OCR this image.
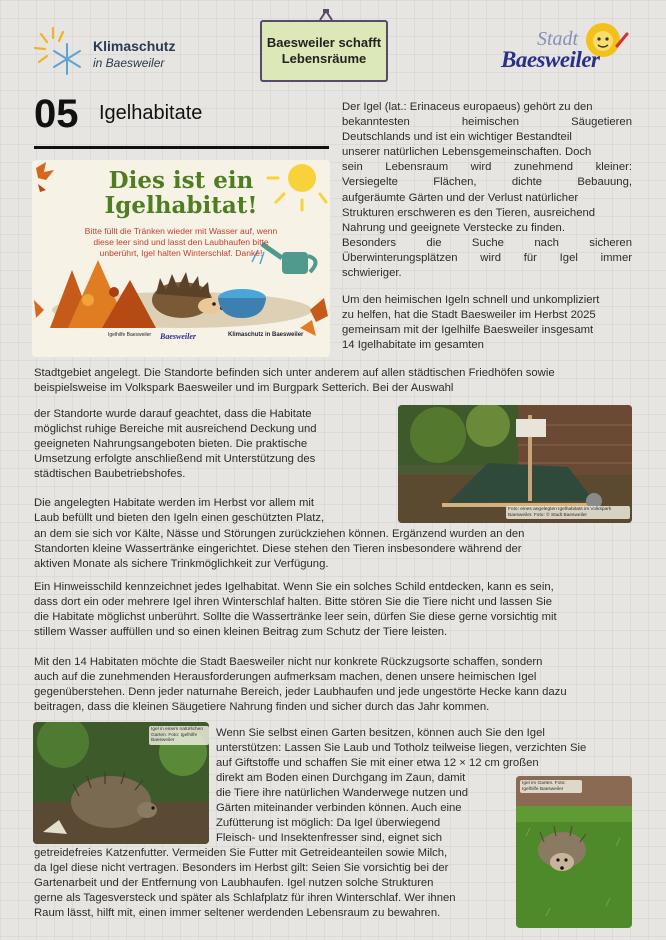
Klimaschutz
in Baesweiler
Baesweiler schafft
Lebensräume
Stadt
Baesweiler
05 Igelhabitate
Dies ist ein
Igelhabitat!
Bitte füllt die Tränken wieder mit Wasser auf, wenn diese leer sind und lasst den Laubhaufen bitte unberührt, Igel halten Winterschlaf. Danke!
Igelhilfe Baesweiler Baesweiler	Klimaschutz in Baesweiler

Der Igel (lat.: Erinaceus europaeus) gehört zu den

bekanntesten heimischen Säugetieren

Deutschlands und ist ein wichtiger Bestandteil

unserer natürlichen Lebensgemeinschaften. Doch

sein Lebensraum wird zunehmend kleiner:

Versiegelte Flächen, dichte Bebauung,

aufgeräumte Gärten und der Verlust natürlicher

Strukturen erschweren es den Tieren, ausreichend

Nahrung und geeignete Verstecke zu finden.

Besonders die Suche nach sicheren

Überwinterungsplätzen wird für Igel immer

schwieriger.

Um den heimischen Igeln schnell und unkompliziert

zu helfen, hat die Stadt Baesweiler im Herbst 2025

gemeinsam mit der Igelhilfe Baesweiler insgesamt

14 Igelhabitate im gesamten

Stadtgebiet angelegt. Die Standorte befinden sich unter anderem auf allen städtischen Friedhöfen sowie

beispielsweise im Volkspark Baesweiler und im Burgpark Setterich. Bei der Auswahl

Foto: eines angelegten Igelhabitats im Volkspark Baesweiler. Foto: © Stadt Baesweiler

der Standorte wurde darauf geachtet, dass die Habitate

möglichst ruhige Bereiche mit ausreichend Deckung und

geeigneten Nahrungsangeboten bieten. Die praktische

Umsetzung erfolgte anschließend mit Unterstützung des

städtischen Baubetriebshofes.

Die angelegten Habitate werden im Herbst vor allem mit

Laub befüllt und bieten den Igeln einen geschützten Platz,

an dem sie sich vor Kälte, Nässe und Störungen zurückziehen können. Ergänzend wurden an den

Standorten kleine Wassertränke eingerichtet. Diese stehen den Tieren insbesondere während der

aktiven Monate als sichere Trinkmöglichkeit zur Verfügung.

Ein Hinweisschild kennzeichnet jedes Igelhabitat. Wenn Sie ein solches Schild entdecken, kann es sein,

dass dort ein oder mehrere Igel ihren Winterschlaf halten. Bitte stören Sie die Tiere nicht und lassen Sie

die Habitate möglichst unberührt. Sollte die Wassertränke leer sein, dürfen Sie diese gerne vorsichtig mit

stillem Wasser auffüllen und so einen kleinen Beitrag zum Schutz der Tiere leisten.

Mit den 14 Habitaten möchte die Stadt Baesweiler nicht nur konkrete Rückzugsorte schaffen, sondern

auch auf die zunehmenden Herausforderungen aufmerksam machen, denen unsere heimischen Igel

gegenüberstehen. Denn jeder naturnahe Bereich, jeder Laubhaufen und jede ungestörte Hecke kann dazu

beitragen, dass die kleinen Säugetiere Nahrung finden und sicher durch das Jahr kommen.

Igel in einem natürlichen Garten. Foto: Igelhilfe Baesweiler

Wenn Sie selbst einen Garten besitzen, können auch Sie den Igel

unterstützen: Lassen Sie Laub und Totholz teilweise liegen, verzichten Sie

auf Giftstoffe und schaffen Sie mit einer etwa 12 × 12 cm großen

direkt am Boden einen Durchgang im Zaun, damit

die Tiere ihre natürlichen Wanderwege nutzen und

Gärten miteinander verbinden können. Auch eine

Zufütterung ist möglich: Da Igel überwiegend

Fleisch- und Insektenfresser sind, eignet sich

Igel im Garten. Foto: Igelhilfe Baesweiler

getreidefreies Katzenfutter. Vermeiden Sie Futter mit Getreideanteilen sowie Milch,

da Igel diese nicht vertragen. Besonders im Herbst gilt: Seien Sie vorsichtig bei der

Gartenarbeit und der Entfernung von Laubhaufen. Igel nutzen solche Strukturen

gerne als Tagesversteck und später als Schlafplatz für ihren Winterschlaf. Wer ihnen

Raum lässt, hilft mit, einen immer seltener werdenden Lebensraum zu bewahren.
